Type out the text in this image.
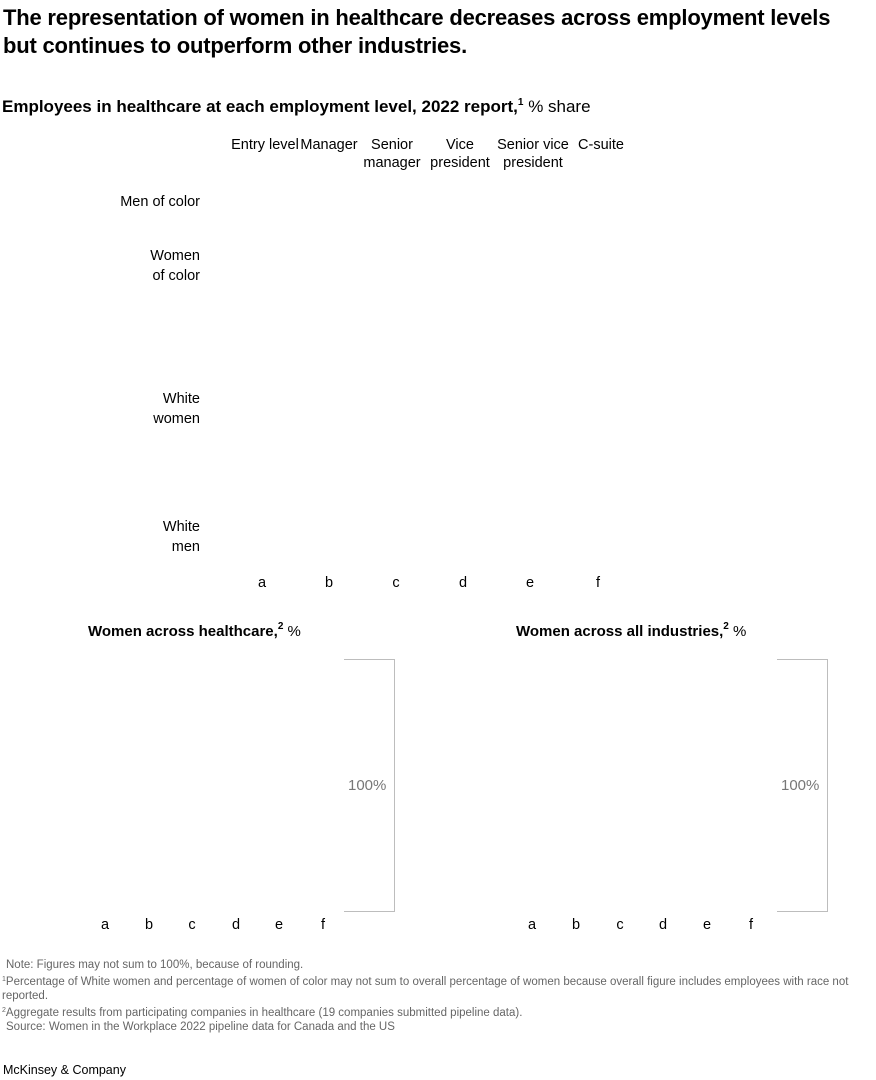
The representation of women in healthcare decreases across employment levels but continues to outperform other industries.
Employees in healthcare at each employment level, 2022 report,$^1$ % share
Entry level Manager Senior manager
Vice president
Senior vice president
C-suite
Men of color
Women of color
White women
White men
a	b	c	d	e	f
Women across healthcare,$^2$ %
100%
a	b	c	d	e	f
Women across all industries,$^2$ %
100%
a	b	c	d	e	f
Note: Figures may not sum to 100%, because of rounding.
$^1$Percentage of White women and percentage of women of color may not sum to overall percentage of women because overall figure includes employees with race not reported.
$^2$Aggregate results from participating companies in healthcare (19 companies submitted pipeline data).
Source: Women in the Workplace 2022 pipeline data for Canada and the US
McKinsey & Company
